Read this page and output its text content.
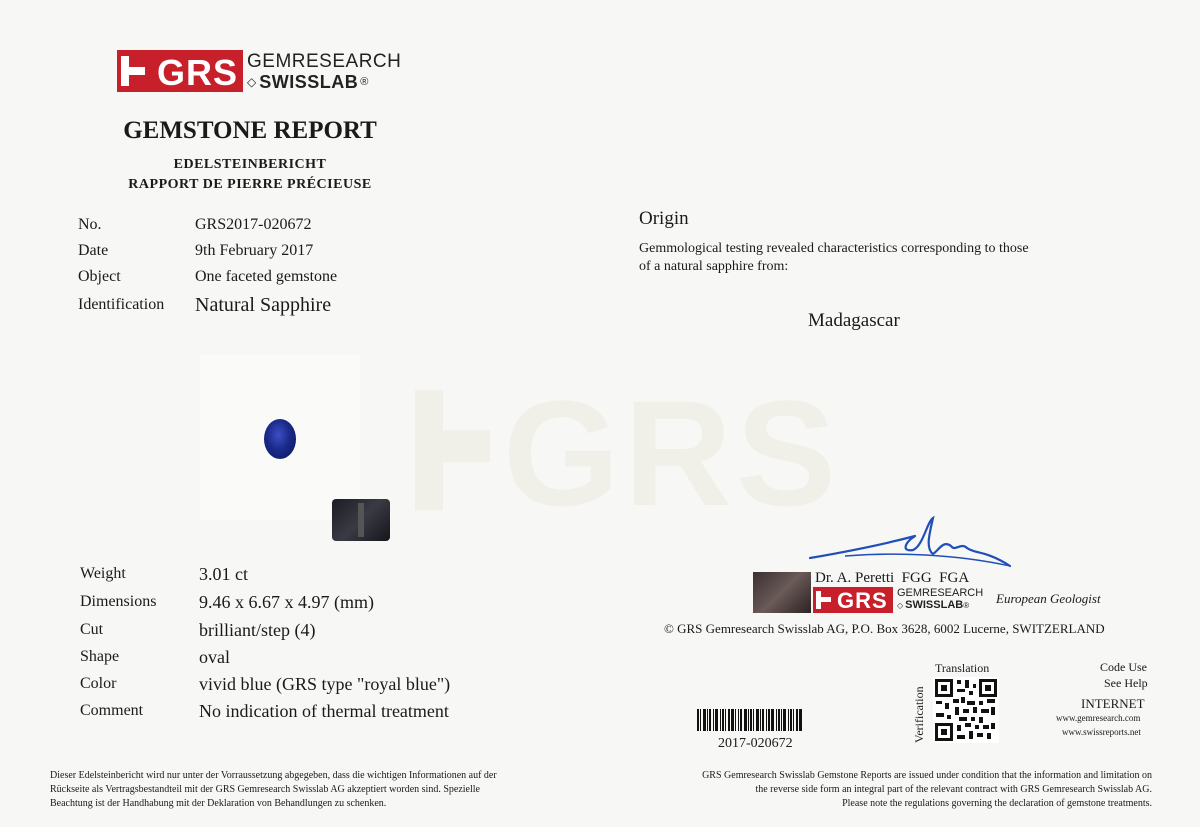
GRS GEMRESEARCH
◇ SWISSLAB ®
GEMSTONE REPORT
EDELSTEINBERICHT
RAPPORT DE PIERRE PRÉCIEUSE
No.	GRS2017-020672
Date	9th February 2017
Object	One faceted gemstone
Identification Natural Sapphire
Origin
Gemmological testing revealed characteristics corresponding to those
of a natural sapphire from:
Madagascar
GRS
Weight	3.01 ct
Dimensions 9.46 x 6.67 x 4.97 (mm)
Cut	brilliant/step (4)
Shape	oval
Color	vivid blue (GRS type "royal blue")
Comment	No indication of thermal treatment
Dr. A. Peretti  FGG  FGA
GRS GEMRESEARCH
◇ SWISSLAB ® European Geologist
© GRS Gemresearch Swisslab AG, P.O. Box 3628, 6002 Lucerne, SWITZERLAND
Translation
Verification
Code Use
See Help
INTERNET
www.gemresearch.com
www.swissreports.net
2017-020672
Dieser Edelsteinbericht wird nur unter der Vorraussetzung abgegeben, dass die wichtigen Informationen auf der
Rückseite als Vertragsbestandteil mit der GRS Gemresearch Swisslab AG akzeptiert worden sind. Spezielle
Beachtung ist der Handhabung mit der Deklaration von Behandlungen zu schenken.
GRS Gemresearch Swisslab Gemstone Reports are issued under condition that the information and limitation on
the reverse side form an integral part of the relevant contract with GRS Gemresearch Swisslab AG.
Please note the regulations governing the declaration of gemstone treatments.
